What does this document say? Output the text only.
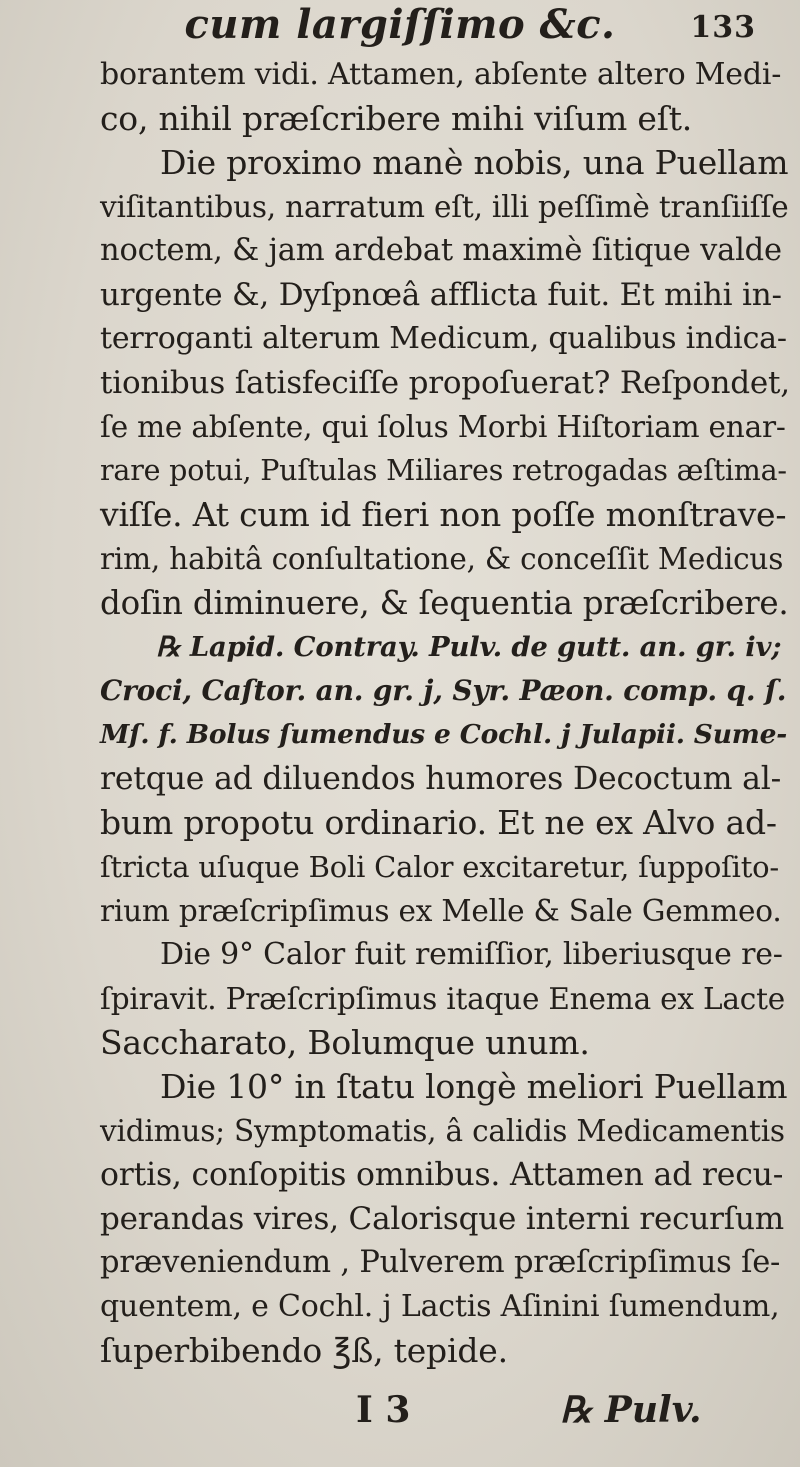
cum largiſſimo &c.	133
borantem vidi. Attamen, abſente altero Medi-
co, nihil præſcribere mihi viſum eſt.
Die proximo manè nobis, una Puellam
viſitantibus, narratum eſt, illi peſſimè tranſiiſſe
noctem, & jam ardebat maximè ſitique valde
urgente &, Dyſpnœâ afflicta fuit. Et mihi in-
terroganti alterum Medicum, qualibus indica-
tionibus ſatisfeciſſe propoſuerat? Reſpondet,
ſe me abſente, qui ſolus Morbi Hiſtoriam enar-
rare potui, Puſtulas Miliares retrogadas æſtima-
viſſe. At cum id fieri non poſſe monſtrave-
rim, habitâ conſultatione, & conceſſit Medicus
doſin diminuere, & ſequentia præſcribere.
℞ Lapid. Contray. Pulv. de gutt. an. gr. iv;
Croci, Caſtor. an. gr. j, Syr. Pæon. comp. q. ſ.
Mſ. f. Bolus ſumendus e Cochl. j Julapii. Sume-
retque ad diluendos humores Decoctum al-
bum propotu ordinario. Et ne ex Alvo ad-
ſtricta uſuque Boli Calor excitaretur, ſuppoſito-
rium præſcripſimus ex Melle & Sale Gemmeo.
Die 9° Calor fuit remiſſior, liberiusque re-
ſpiravit. Præſcripſimus itaque Enema ex Lacte
Saccharato, Bolumque unum.
Die 10° in ſtatu longè meliori Puellam
vidimus; Symptomatis, â calidis Medicamentis
ortis, conſopitis omnibus. Attamen ad recu-
perandas vires, Calorisque interni recurſum
præveniendum , Pulverem præſcripſimus ſe-
quentem, e Cochl. j Lactis Aſinini ſumendum,
ſuperbibendo ℥ß, tepide.
I 3	℞ Pulv.
